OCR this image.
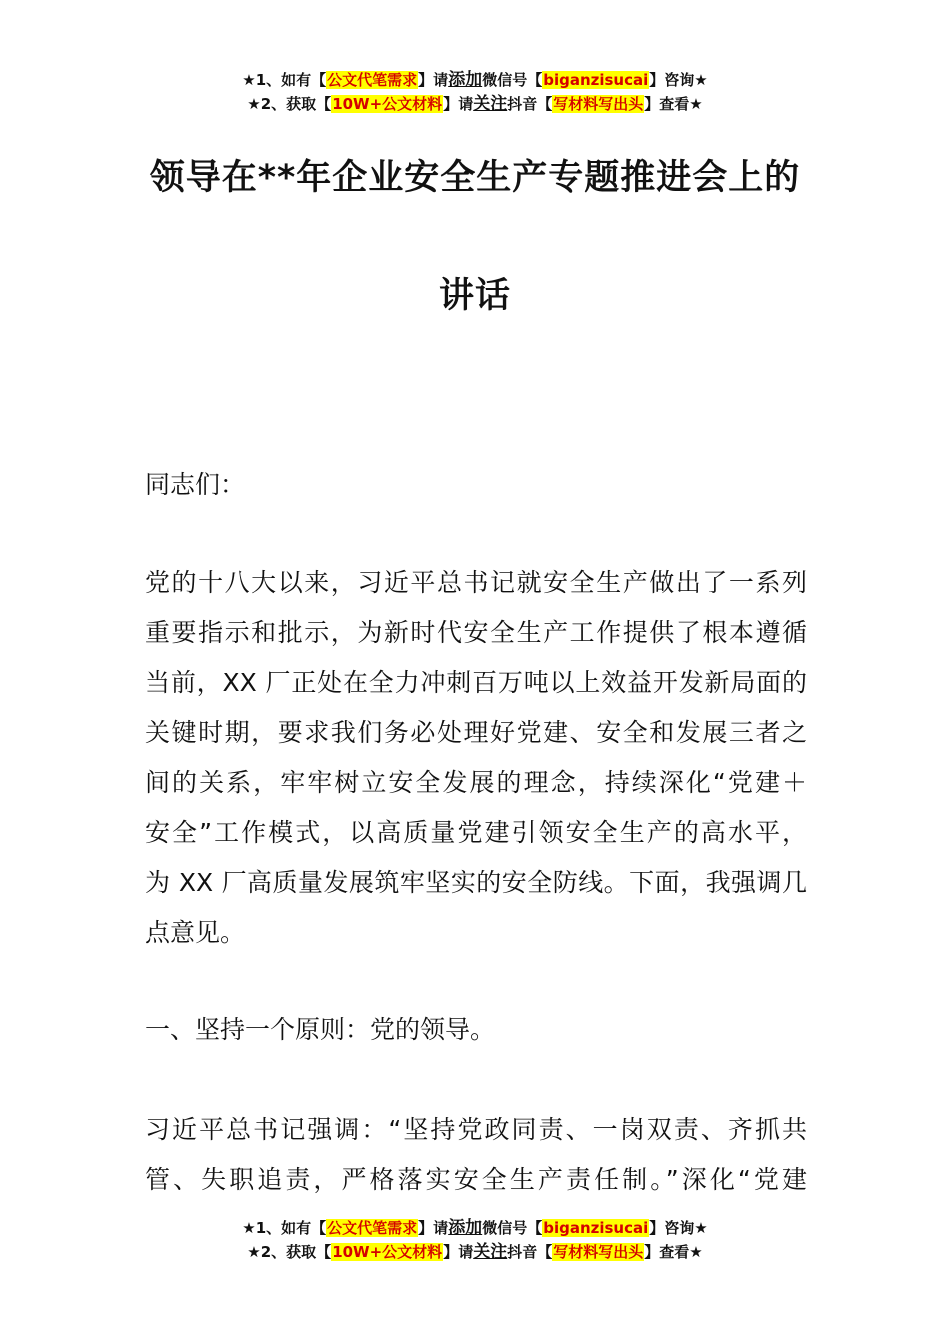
★1、如有【公文代笔需求】请添加微信号【biganzisucai】咨询★
★2、获取【10W+公文材料】请关注抖音【写材料写出头】查看★
领导在**年企业安全生产专题推进会上的
讲话
同志们：
党的十八大以来，习近平总书记就安全生产做出了一系列
重要指示和批示，为新时代安全生产工作提供了根本遵循
当前，XX 厂正处在全力冲刺百万吨以上效益开发新局面的
关键时期，要求我们务必处理好党建、安全和发展三者之
间的关系，牢牢树立安全发展的理念，持续深化“党建＋
安全”工作模式，以高质量党建引领安全生产的高水平，
为 XX 厂高质量发展筑牢坚实的安全防线。下面，我强调几
点意见。
一、坚持一个原则：党的领导。
习近平总书记强调：“坚持党政同责、一岗双责、齐抓共
管、失职追责，严格落实安全生产责任制。”深化“党建
★1、如有【公文代笔需求】请添加微信号【biganzisucai】咨询★
★2、获取【10W+公文材料】请关注抖音【写材料写出头】查看★
